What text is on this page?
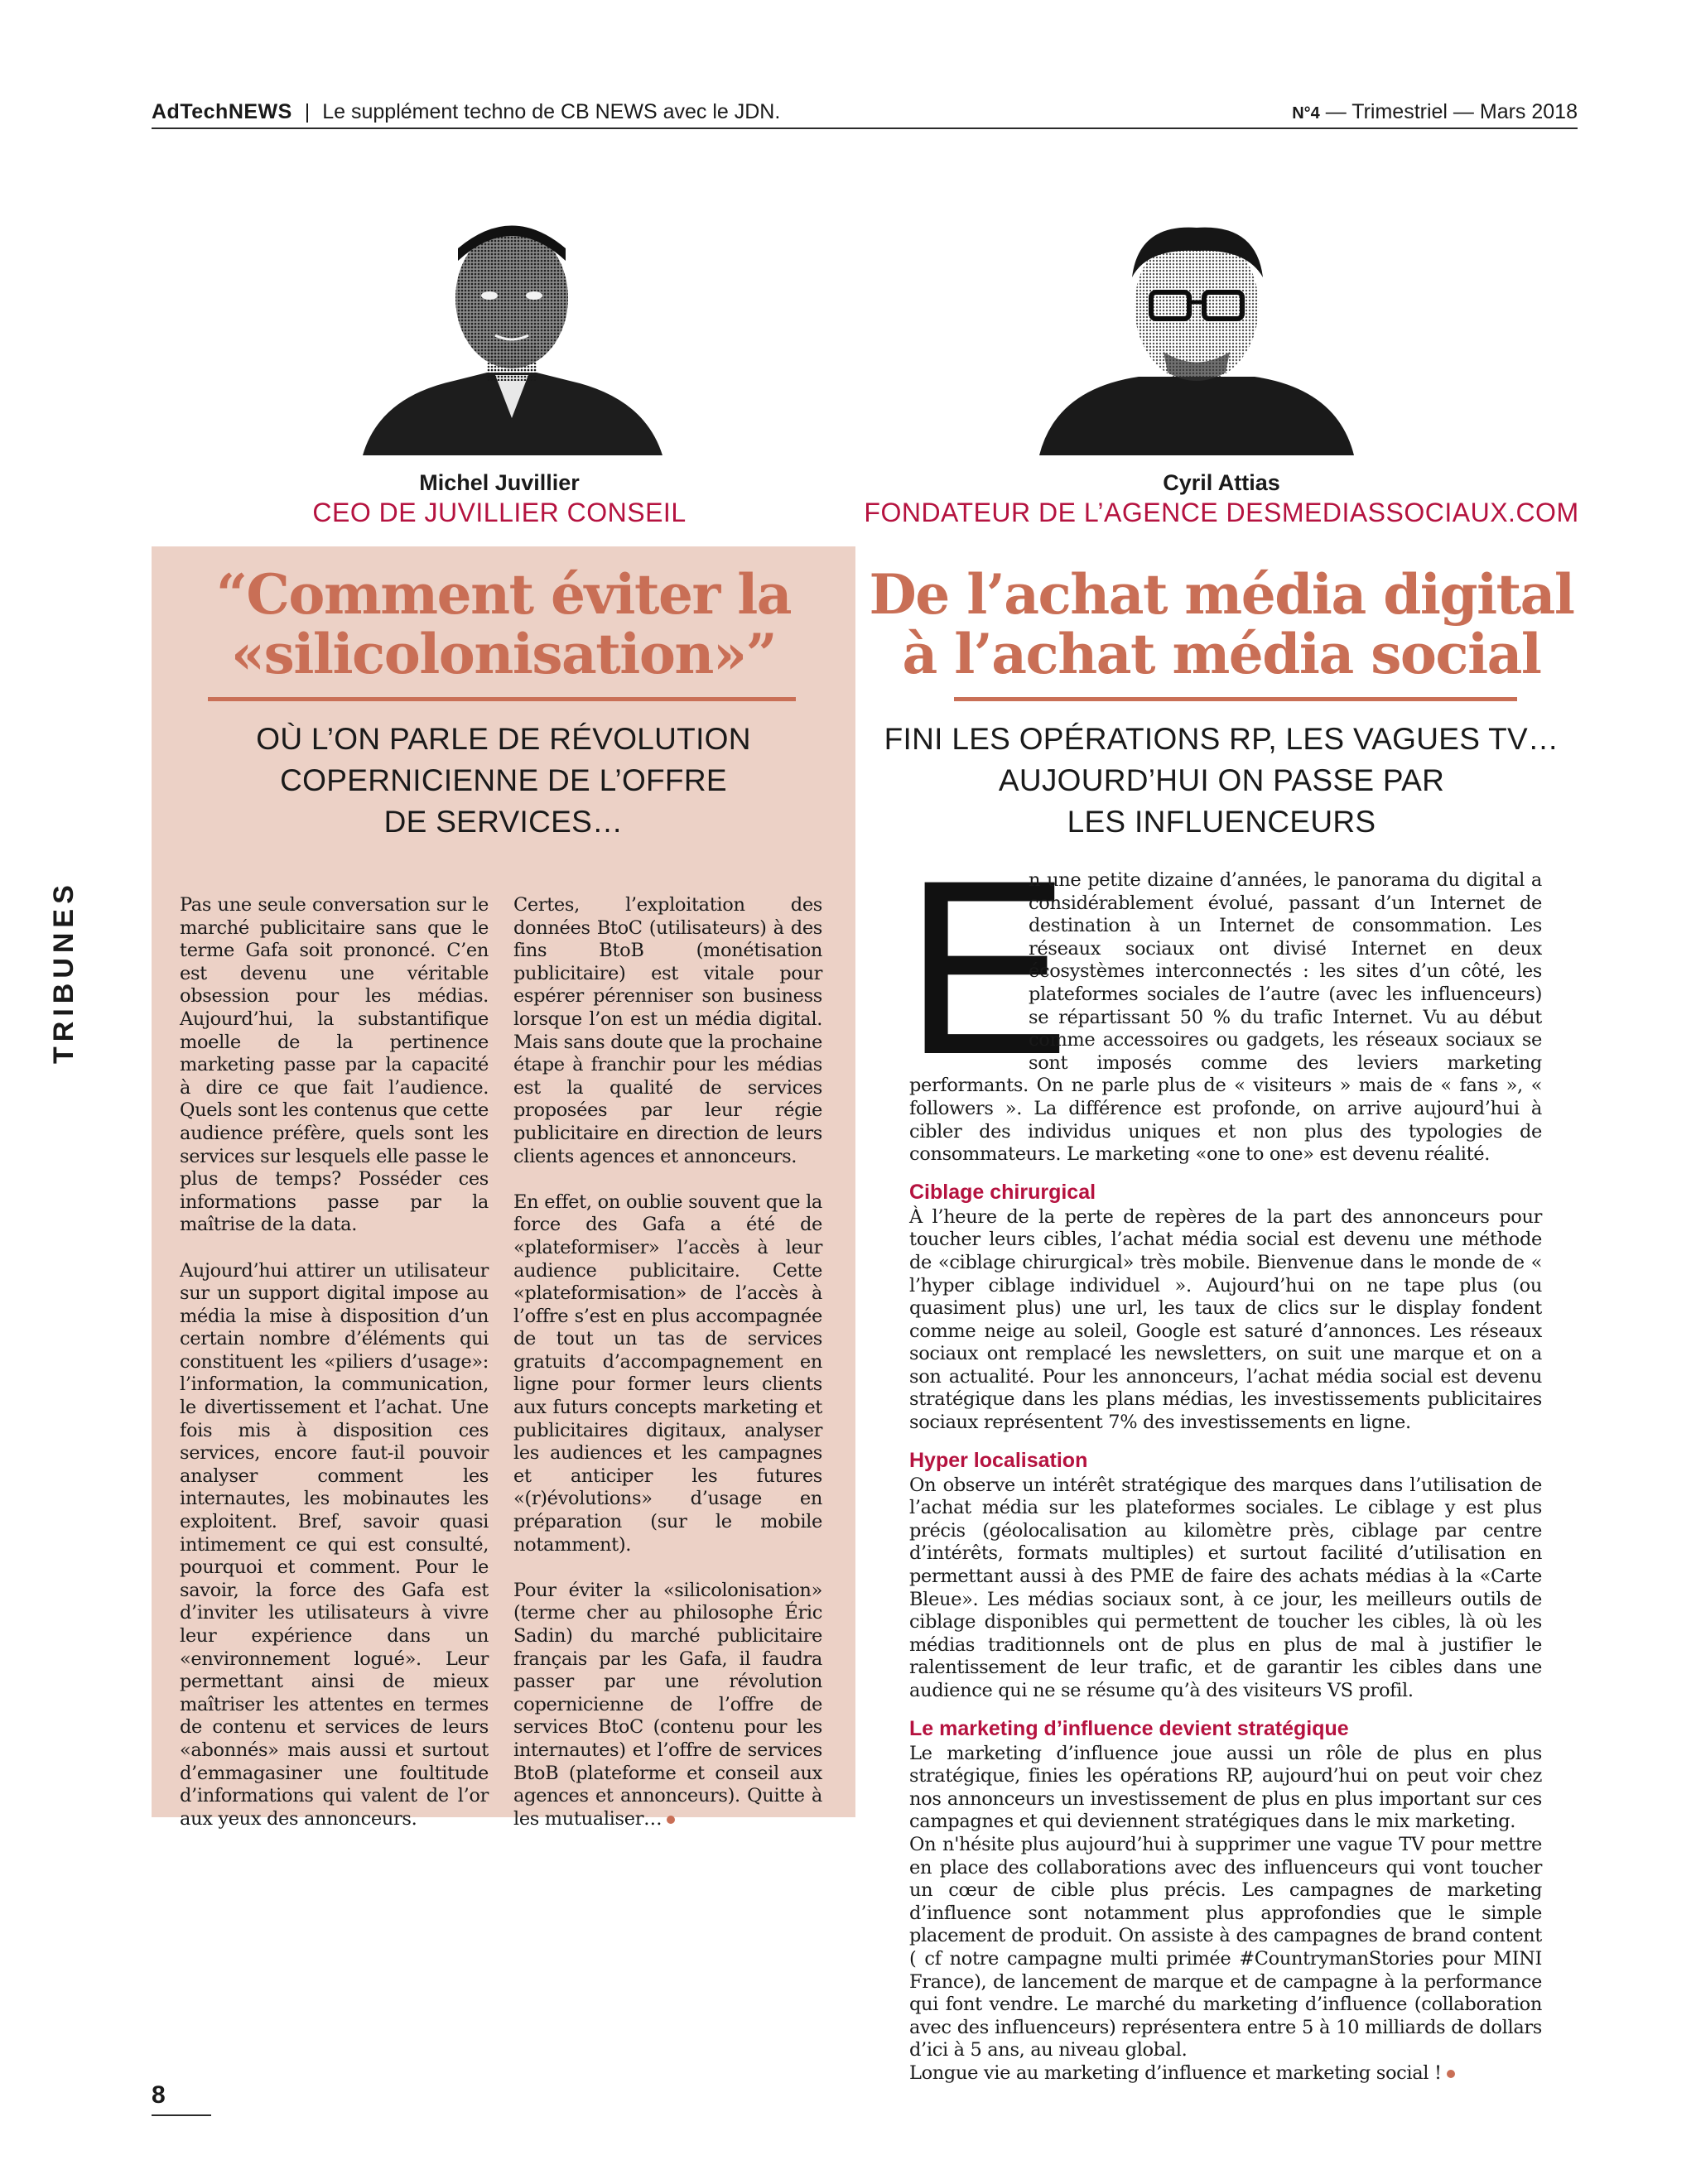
AdTechNEWS | Le supplément techno de CB NEWS avec le JDN.	N°4 — Trimestriel — Mars 2018
TRIBUNES
8
Michel Juvillier
CEO DE JUVILLIER CONSEIL
Cyril Attias
FONDATEUR DE L’AGENCE DESMEDIASSOCIAUX.COM
“Comment éviter la
«silicolonisation»”
OÙ L’ON PARLE DE RÉVOLUTION
COPERNICIENNE DE L’OFFRE
DE SERVICES…

Pas une seule conversation sur le marché publicitaire sans que le terme Gafa soit prononcé. C’en est devenu une véritable obsession pour les médias. Aujourd’hui, la substantifique moelle de la pertinence marketing passe par la capacité à dire ce que fait l’audience. Quels sont les contenus que cette audience préfère, quels sont les services sur lesquels elle passe le plus de temps? Posséder ces informations passe par la maîtrise de la data.

Aujourd’hui attirer un utilisateur sur un support digital impose au média la mise à disposition d’un certain nombre d’éléments qui constituent les «piliers d’usage»: l’information, la communication, le divertissement et l’achat. Une fois mis à disposition ces services, encore faut-il pouvoir analyser comment les internautes, les mobinautes les exploitent. Bref, savoir quasi intimement ce qui est consulté, pourquoi et comment. Pour le savoir, la force des Gafa est d’inviter les utilisateurs à vivre leur expérience dans un «environnement logué». Leur permettant ainsi de mieux maîtriser les attentes en termes de contenu et services de leurs «abonnés» mais aussi et surtout d’emmagasiner une foultitude d’informations qui valent de l’or aux yeux des annonceurs.

Certes, l’exploitation des données BtoC (utilisateurs) à des fins BtoB (monétisation publicitaire) est vitale pour espérer pérenniser son business lorsque l’on est un média digital. Mais sans doute que la prochaine étape à franchir pour les médias est la qualité de services proposées par leur régie publicitaire en direction de leurs clients agences et annonceurs.

En effet, on oublie souvent que la force des Gafa a été de «plateformiser» l’accès à leur audience publicitaire. Cette «plateformisation» de l’accès à l’offre s’est en plus accompagnée de tout un tas de services gratuits d’accompagnement en ligne pour former leurs clients aux futurs concepts marketing et publicitaires digitaux, analyser les audiences et les campagnes et anticiper les futures «(r)évolutions» d’usage en préparation (sur le mobile notamment).

Pour éviter la «silicolonisation» (terme cher au philosophe Éric Sadin) du marché publicitaire français par les Gafa, il faudra passer par une révolution copernicienne de l’offre de services BtoC (contenu pour les internautes) et l’offre de services BtoB (plateforme et conseil aux agences et annonceurs). Quitte à les mutualiser…

De l’achat média digital
à l’achat média social
FINI LES OPÉRATIONS RP, LES VAGUES TV…
AUJOURD’HUI ON PASSE PAR
LES INFLUENCEURS
E

n une petite dizaine d’années, le panorama du digital a considérablement évolué, passant d’un Internet de destination à un Internet de consommation. Les réseaux sociaux ont divisé Internet en deux écosystèmes interconnectés : les sites d’un côté, les plateformes sociales de l’autre (avec les influenceurs) se répartissant 50 % du trafic Internet. Vu au début comme accessoires ou gadgets, les réseaux sociaux se sont imposés comme des leviers marketing performants. On ne parle plus de « visiteurs » mais de « fans », « followers ». La différence est profonde, on arrive aujourd’hui à cibler des individus uniques et non plus des typologies de consommateurs. Le marketing «one to one» est devenu réalité.

Ciblage chirurgical

À l’heure de la perte de repères de la part des annonceurs pour toucher leurs cibles, l’achat média social est devenu une méthode de «ciblage chirurgical» très mobile. Bienvenue dans le monde de « l’hyper ciblage individuel ». Aujourd’hui on ne tape plus (ou quasiment plus) une url, les taux de clics sur le display fondent comme neige au soleil, Google est saturé d’annonces. Les réseaux sociaux ont remplacé les newsletters, on suit une marque et on a son actualité. Pour les annonceurs, l’achat média social est devenu stratégique dans les plans médias, les investissements publicitaires sociaux représentent 7% des investissements en ligne.

Hyper localisation

On observe un intérêt stratégique des marques dans l’utilisation de l’achat média sur les plateformes sociales. Le ciblage y est plus précis (géolocalisation au kilomètre près, ciblage par centre d’intérêts, formats multiples) et surtout facilité d’utilisation en permettant aussi à des PME de faire des achats médias à la «Carte Bleue». Les médias sociaux sont, à ce jour, les meilleurs outils de ciblage disponibles qui permettent de toucher les cibles, là où les médias traditionnels ont de plus en plus de mal à justifier le ralentissement de leur trafic, et de garantir les cibles dans une audience qui ne se résume qu’à des visiteurs VS profil.

Le marketing d’influence devient stratégique

Le marketing d’influence joue aussi un rôle de plus en plus stratégique, finies les opérations RP, aujourd’hui on peut voir chez nos annonceurs un investissement de plus en plus important sur ces campagnes et qui deviennent stratégiques dans le mix marketing.

On n'hésite plus aujourd’hui à supprimer une vague TV pour mettre en place des collaborations avec des influenceurs qui vont toucher un cœur de cible plus précis. Les campagnes de marketing d’influence sont notamment plus approfondies que le simple placement de produit. On assiste à des campagnes de brand content ( cf notre campagne multi primée #CountrymanStories pour MINI France), de lancement de marque et de campagne à la performance qui font vendre. Le marché du marketing d’influence (collaboration avec des influenceurs) représentera entre 5 à 10 milliards de dollars d’ici à 5 ans, au niveau global.

Longue vie au marketing d’influence et marketing social !
